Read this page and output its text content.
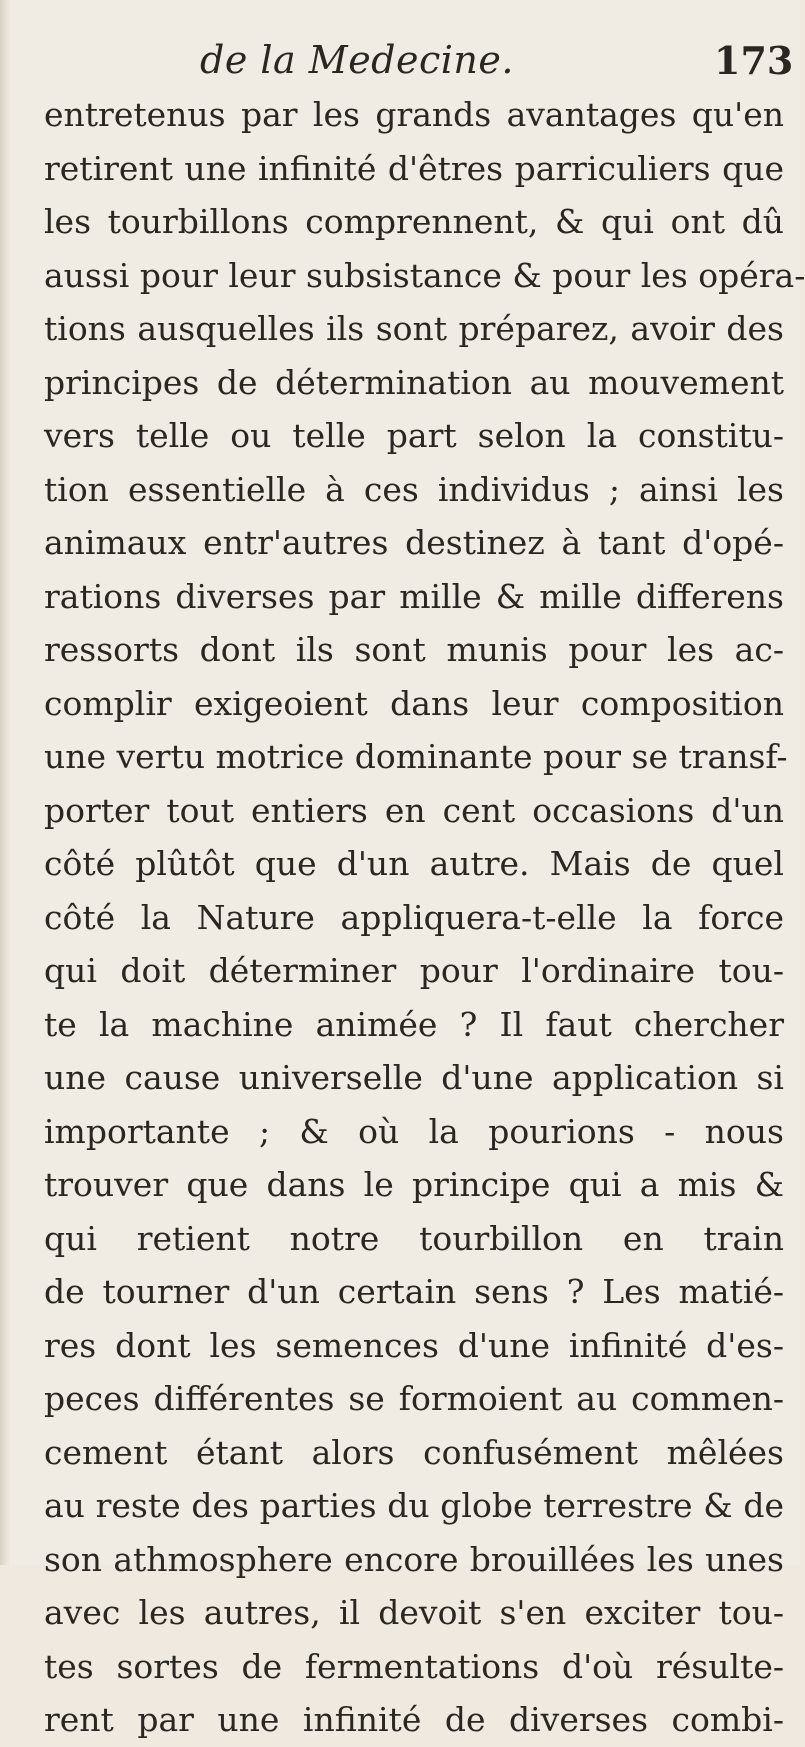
de la Medecine.	173
entretenus par les grands avantages qu'en
retirent une infinité d'êtres parriculiers que
les tourbillons comprennent, & qui ont dû
aussi pour leur subsistance & pour les opéra-
tions ausquelles ils sont préparez, avoir des
principes de détermination au mouvement
vers telle ou telle part selon la constitu-
tion essentielle à ces individus ; ainsi les
animaux entr'autres destinez à tant d'opé-
rations diverses par mille & mille differens
ressorts dont ils sont munis pour les ac-
complir exigeoient dans leur composition
une vertu motrice dominante pour se transf-
porter tout entiers en cent occasions d'un
côté plûtôt que d'un autre. Mais de quel
côté la Nature appliquera-t-elle la force
qui doit déterminer pour l'ordinaire tou-
te la machine animée ? Il faut chercher
une cause universelle d'une application si
importante ; & où la pourions - nous
trouver que dans le principe qui a mis &
qui retient notre tourbillon en train
de tourner d'un certain sens ? Les matié-
res dont les semences d'une infinité d'es-
peces différentes se formoient au commen-
cement étant alors confusément mêlées
au reste des parties du globe terrestre & de
son athmosphere encore brouillées les unes
avec les autres, il devoit s'en exciter tou-
tes sortes de fermentations d'où résulte-
rent par une infinité de diverses combi-
